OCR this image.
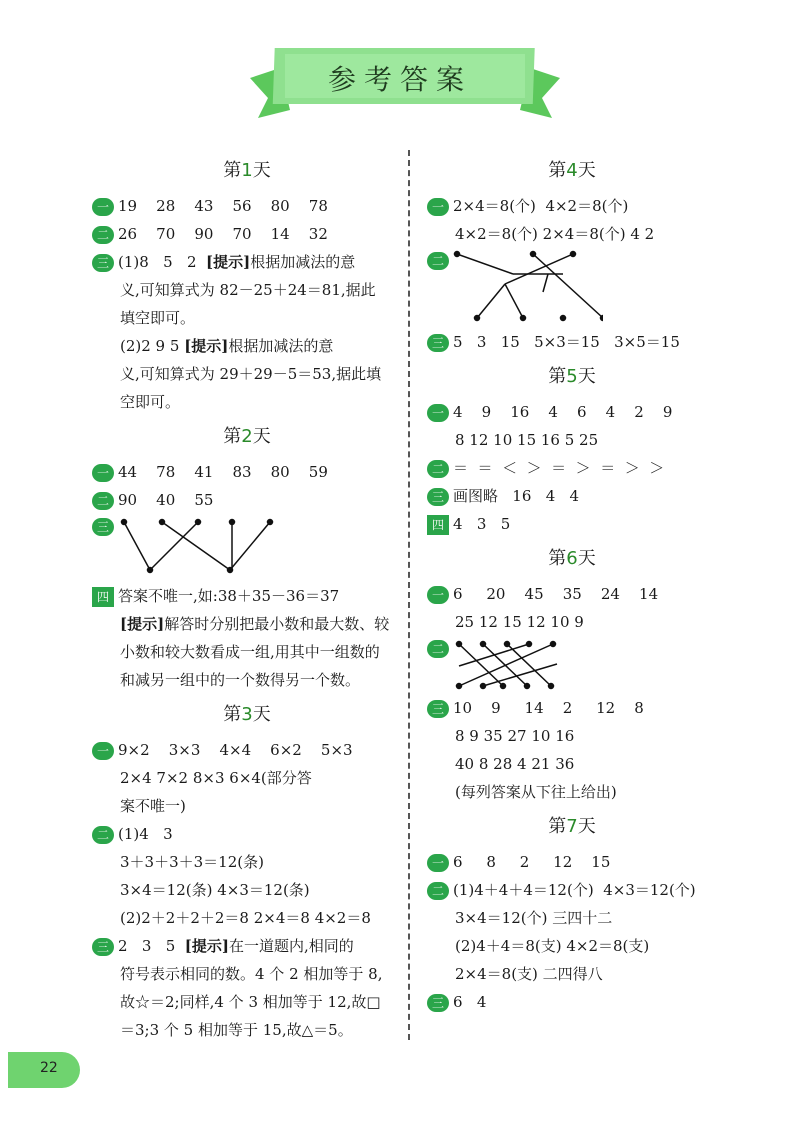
参考答案
第1天
一 19    28    43    56    80    78
二 26    70    90    70    14    32
三 (1)8   5   2  [提示]根据加减法的意
义,可知算式为 82－25＋24＝81,据此
填空即可。
(2)2 9 5 [提示]根据加减法的意
义,可知算式为 29＋29－5＝53,据此填
空即可。
第2天
一 44    78    41    83    80    59
二 90    40    55

三

四 答案不唯一,如:38＋35－36＝37
[提示]解答时分别把最小数和最大数、较
小数和较大数看成一组,用其中一组数的
和减另一组中的一个数得另一个数。
第3天
一 9×2    3×3    4×4    6×2    5×3
2×4 7×2 8×3 6×4(部分答
案不唯一)
二 (1)4   3
3＋3＋3＋3＝12(条)
3×4＝12(条) 4×3＝12(条)
(2)2＋2＋2＋2＝8 2×4＝8 4×2＝8
三 2   3   5  [提示]在一道题内,相同的
符号表示相同的数。4 个 2 相加等于 8,
故☆＝2;同样,4 个 3 相加等于 12,故□
＝3;3 个 5 相加等于 15,故△＝5。
第4天
一 2×4＝8(个)  4×2＝8(个)
4×2＝8(个) 2×4＝8(个) 4 2

二

三 5   3   15   5×3＝15   3×5＝15
第5天
一 4    9    16    4    6    4    2    9
8 12 10 15 16 5 25
二 ＝  ＝  ＜  ＞  ＝  ＞  ＝  ＞  ＞
三 画图略   16   4   4
四 4   3   5
第6天
一 6     20    45    35    24    14
25 12 15 12 10 9

二

三 10    9     14    2     12    8
8 9 35 27 10 16
40 8 28 4 21 36
(每列答案从下往上给出)
第7天
一 6     8     2     12    15
二 (1)4＋4＋4＝12(个)  4×3＝12(个)
3×4＝12(个) 三四十二
(2)4＋4＝8(支) 4×2＝8(支)
2×4＝8(支) 二四得八
三 6   4
22
